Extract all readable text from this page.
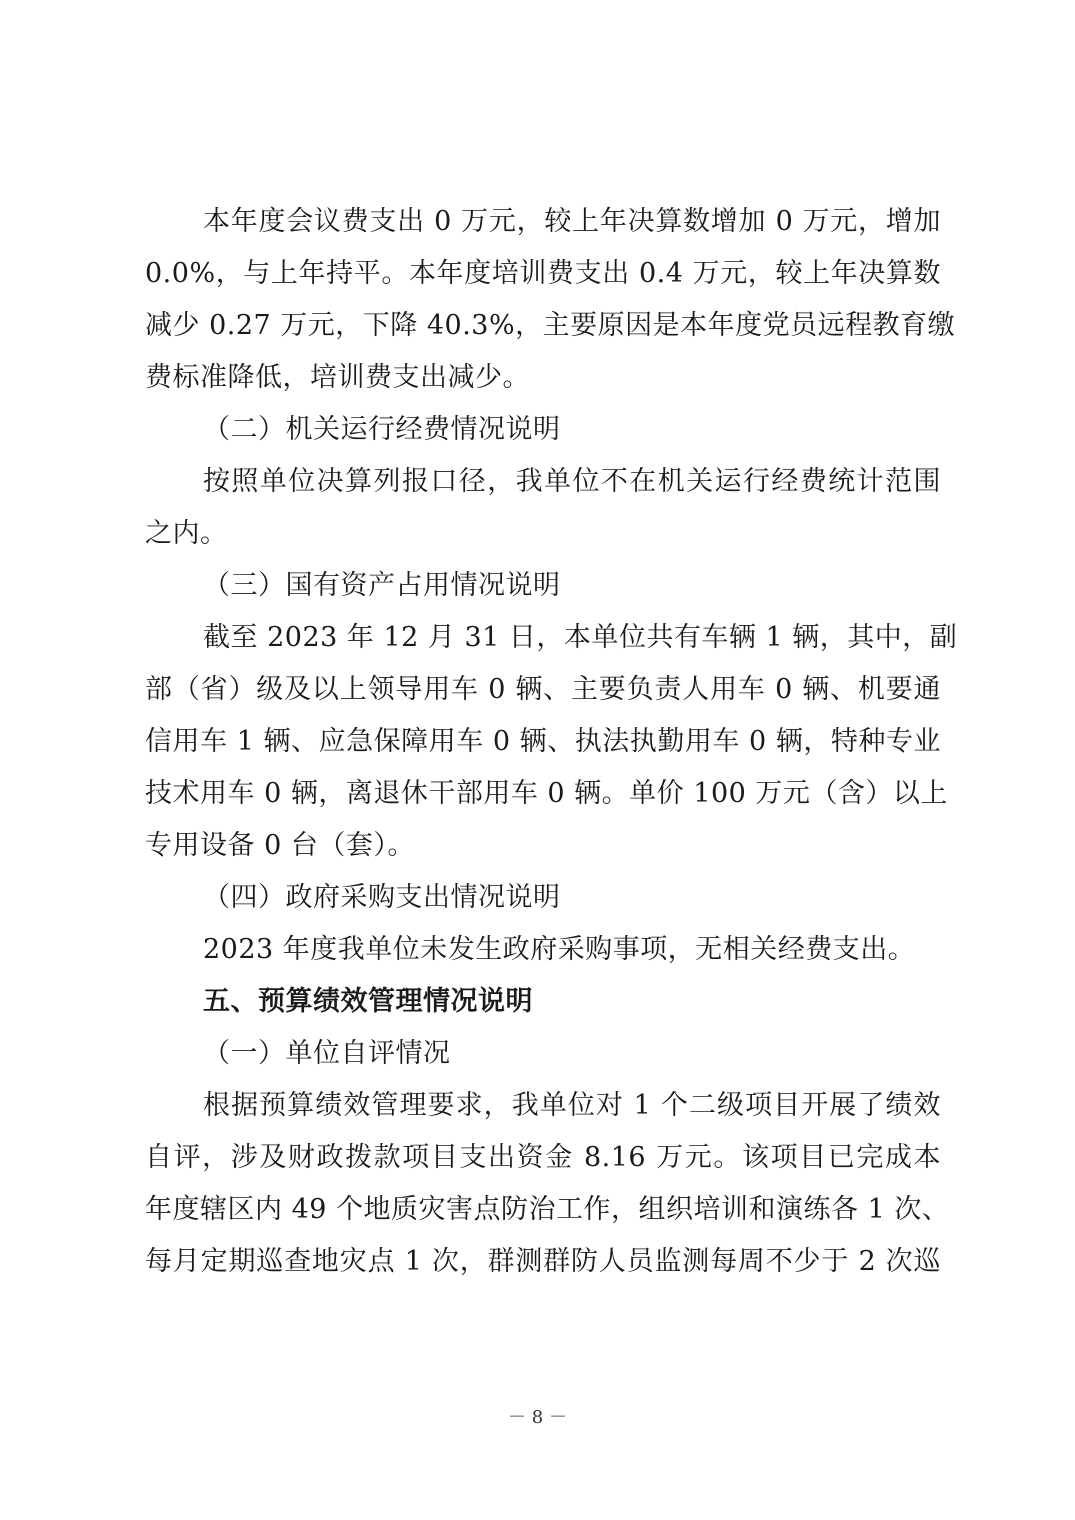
本年度会议费支出 0 万元，较上年决算数增加 0 万元，增加
0.0%，与上年持平。本年度培训费支出 0.4 万元，较上年决算数
减少 0.27 万元，下降 40.3%，主要原因是本年度党员远程教育缴
费标准降低，培训费支出减少。
（二）机关运行经费情况说明
按照单位决算列报口径，我单位不在机关运行经费统计范围
之内。
（三）国有资产占用情况说明
截至 2023 年 12 月 31 日，本单位共有车辆 1 辆，其中，副
部（省）级及以上领导用车 0 辆、主要负责人用车 0 辆、机要通
信用车 1 辆、应急保障用车 0 辆、执法执勤用车 0 辆，特种专业
技术用车 0 辆，离退休干部用车 0 辆。单价 100 万元（含）以上
专用设备 0 台（套）。
（四）政府采购支出情况说明
2023 年度我单位未发生政府采购事项，无相关经费支出。
五、预算绩效管理情况说明
（一）单位自评情况
根据预算绩效管理要求，我单位对 1 个二级项目开展了绩效
自评，涉及财政拨款项目支出资金 8.16 万元。该项目已完成本
年度辖区内 49 个地质灾害点防治工作，组织培训和演练各 1 次、
每月定期巡查地灾点 1 次，群测群防人员监测每周不少于 2 次巡
－ 8 －
